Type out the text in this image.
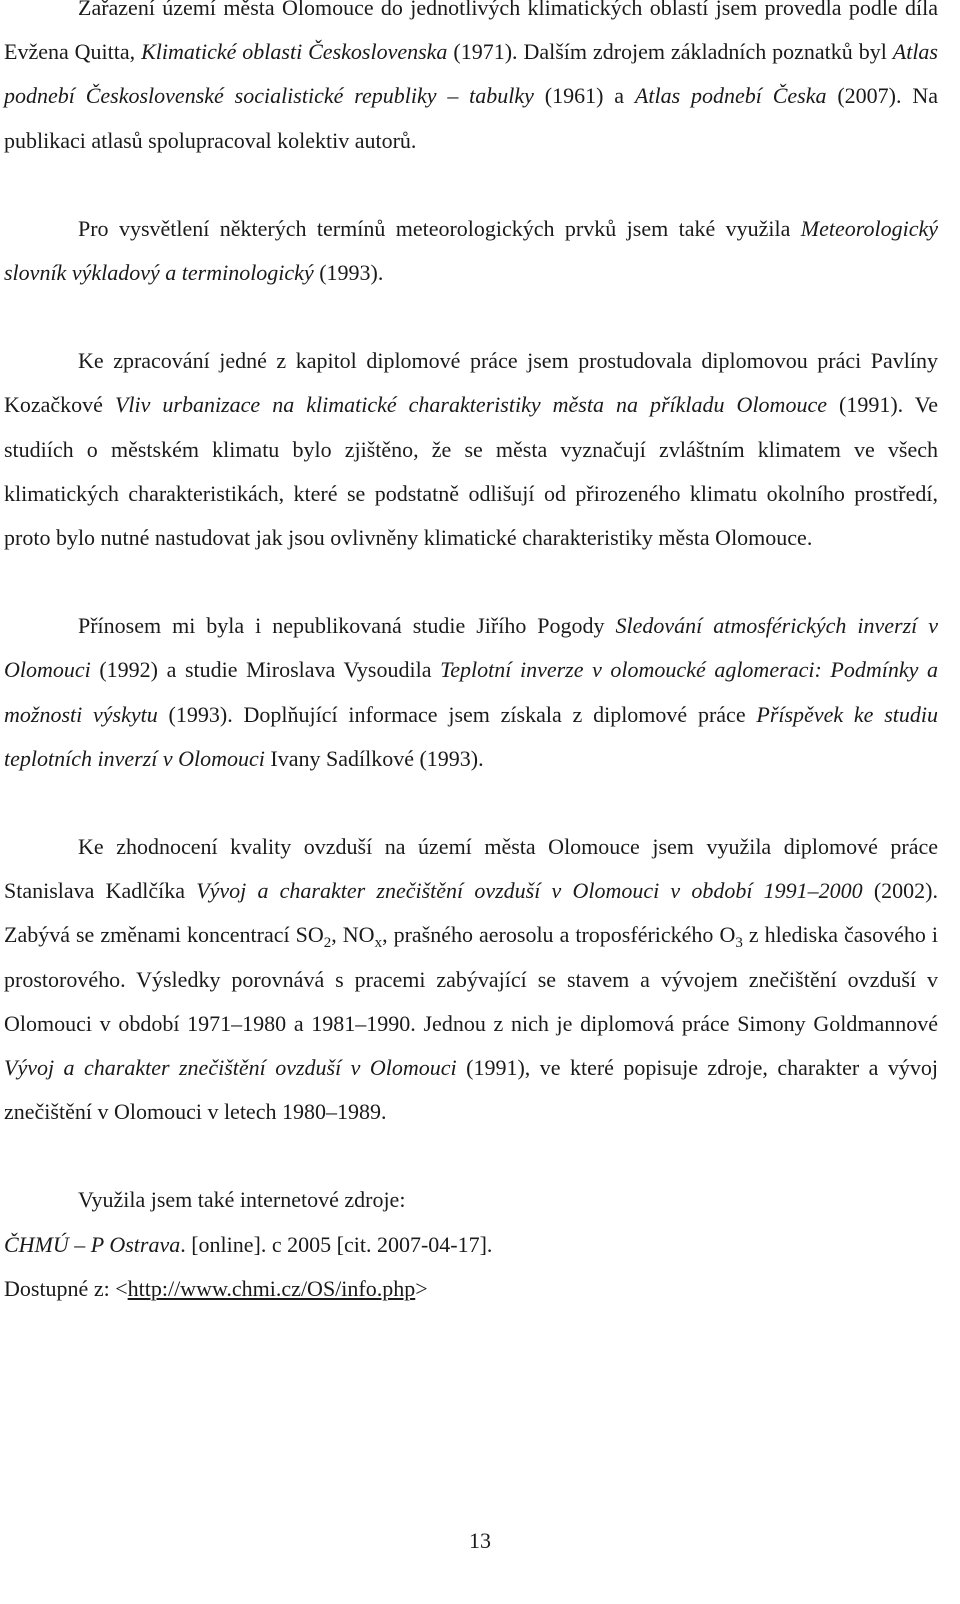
Zařazení území města Olomouce do jednotlivých klimatických oblastí jsem provedla podle díla Evžena Quitta, Klimatické oblasti Československa (1971). Dalším zdrojem základních poznatků byl Atlas podnebí Československé socialistické republiky – tabulky (1961) a Atlas podnebí Česka (2007). Na publikaci atlasů spolupracoval kolektiv autorů.

Pro vysvětlení některých termínů meteorologických prvků jsem také využila Meteorologický slovník výkladový a terminologický (1993).

Ke zpracování jedné z kapitol diplomové práce jsem prostudovala diplomovou práci Pavlíny Kozačkové Vliv urbanizace na klimatické charakteristiky města na příkladu Olomouce (1991). Ve studiích o městském klimatu bylo zjištěno, že se města vyznačují zvláštním klimatem ve všech klimatických charakteristikách, které se podstatně odlišují od přirozeného klimatu okolního prostředí, proto bylo nutné nastudovat jak jsou ovlivněny klimatické charakteristiky města Olomouce.

Přínosem mi byla i nepublikovaná studie Jiřího Pogody Sledování atmosférických inverzí v Olomouci (1992) a studie Miroslava Vysoudila Teplotní inverze v olomoucké aglomeraci: Podmínky a možnosti výskytu (1993). Doplňující informace jsem získala z diplomové práce Příspěvek ke studiu teplotních inverzí v Olomouci Ivany Sadílkové (1993).

Ke zhodnocení kvality ovzduší na území města Olomouce jsem využila diplomové práce Stanislava Kadlčíka Vývoj a charakter znečištění ovzduší v Olomouci v období 1991–2000 (2002). Zabývá se změnami koncentrací $SO_2$, $NO_x$, prašného aerosolu a troposférického $O_3$ z hlediska časového i prostorového. Výsledky porovnává s pracemi zabývající se stavem a vývojem znečištění ovzduší v Olomouci v období 1971–1980 a 1981–1990. Jednou z nich je diplomová práce Simony Goldmannové Vývoj a charakter znečištění ovzduší v Olomouci (1991), ve které popisuje zdroje, charakter a vývoj znečištění v Olomouci v letech 1980–1989.

Využila jsem také internetové zdroje:

ČHMÚ – P Ostrava. [online]. c 2005 [cit. 2007-04-17].

Dostupné z: <http://www.chmi.cz/OS/info.php>

13
